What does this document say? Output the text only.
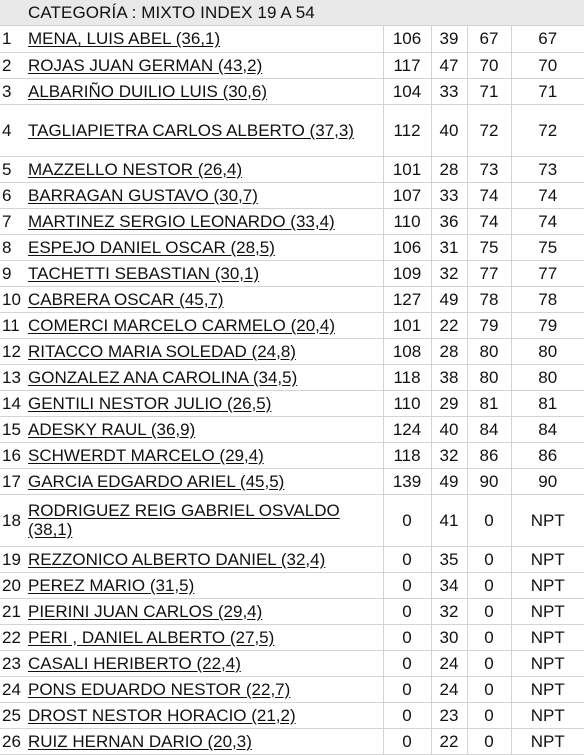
CATEGORÍA : MIXTO INDEX 19 A 54
1	MENA, LUIS ABEL (36,1)	106	39	67	67
2	ROJAS JUAN GERMAN (43,2)	117	47	70	70
3	ALBARIÑO DUILIO LUIS (30,6)	104	33	71	71
4	TAGLIAPIETRA CARLOS ALBERTO (37,3)	112	40	72	72
5	MAZZELLO NESTOR (26,4)	101	28	73	73
6	BARRAGAN GUSTAVO (30,7)	107	33	74	74
7	MARTINEZ SERGIO LEONARDO (33,4)	110	36	74	74
8	ESPEJO DANIEL OSCAR (28,5)	106	31	75	75
9	TACHETTI SEBASTIAN (30,1)	109	32	77	77
10	CABRERA OSCAR (45,7)	127	49	78	78
11	COMERCI MARCELO CARMELO (20,4)	101	22	79	79
12	RITACCO MARIA SOLEDAD (24,8)	108	28	80	80
13	GONZALEZ ANA CAROLINA (34,5)	118	38	80	80
14	GENTILI NESTOR JULIO (26,5)	110	29	81	81
15	ADESKY RAUL (36,9)	124	40	84	84
16	SCHWERDT MARCELO (29,4)	118	32	86	86
17	GARCIA EDGARDO ARIEL (45,5)	139	49	90	90
18	RODRIGUEZ REIG GABRIEL OSVALDO (38,1)	0	41	0	NPT
19	REZZONICO ALBERTO DANIEL (32,4)	0	35	0	NPT
20	PEREZ MARIO (31,5)	0	34	0	NPT
21	PIERINI JUAN CARLOS (29,4)	0	32	0	NPT
22	PERI , DANIEL ALBERTO (27,5)	0	30	0	NPT
23	CASALI HERIBERTO (22,4)	0	24	0	NPT
24	PONS EDUARDO NESTOR (22,7)	0	24	0	NPT
25	DROST NESTOR HORACIO (21,2)	0	23	0	NPT
26	RUIZ HERNAN DARIO (20,3)	0	22	0	NPT
